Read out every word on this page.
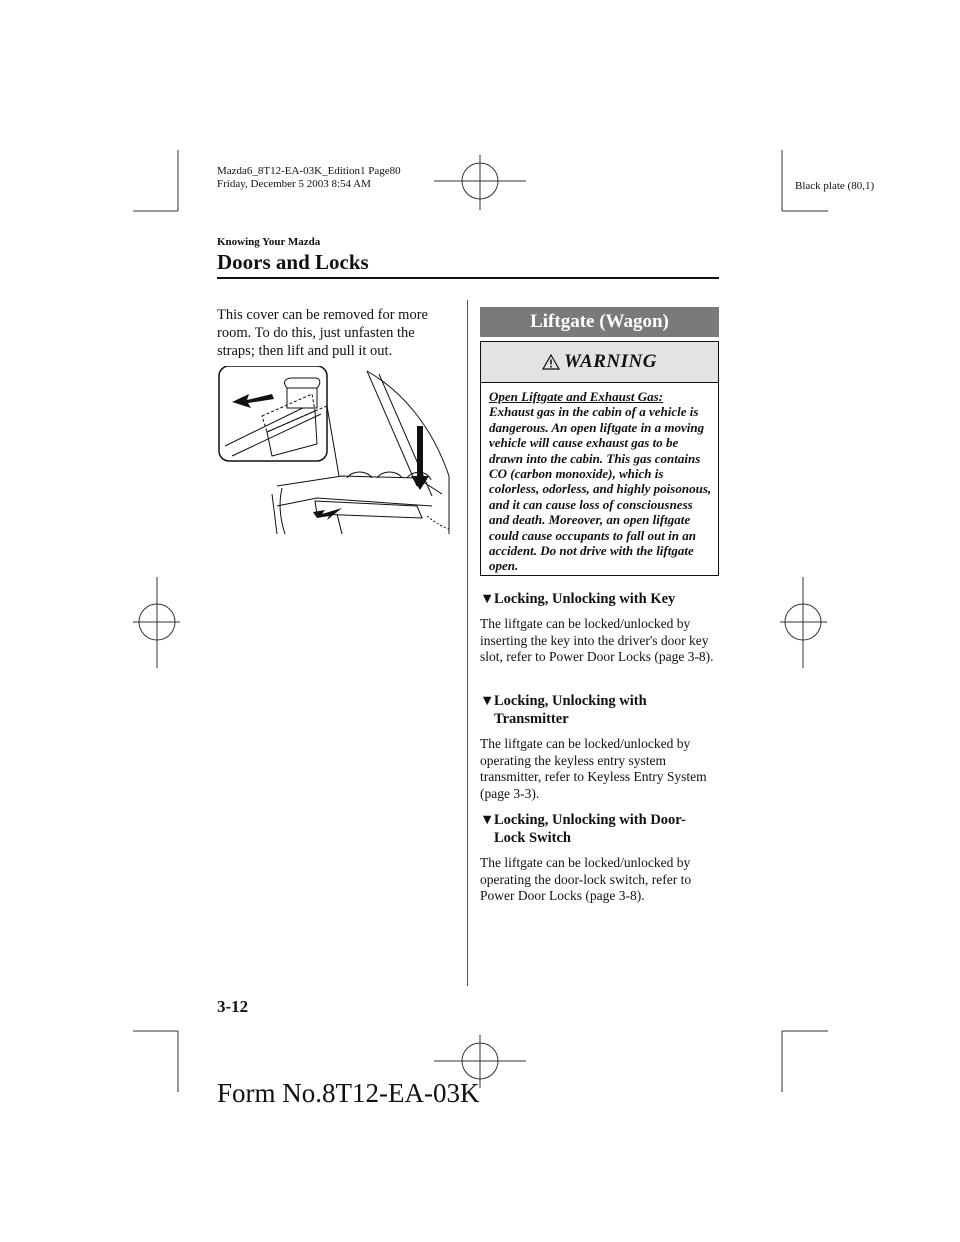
Mazda6_8T12-EA-03K_Edition1 Page80
Friday, December 5 2003 8:54 AM	Black plate (80,1)
Knowing Your Mazda
Doors and Locks
This cover can be removed for more room. To do this, just unfasten the straps; then lift and pull it out.
Liftgate (Wagon)
WARNING
Open Liftgate and Exhaust Gas:
Exhaust gas in the cabin of a vehicle is dangerous. An open liftgate in a moving vehicle will cause exhaust gas to be drawn into the cabin. This gas contains CO (carbon monoxide), which is colorless, odorless, and highly poisonous, and it can cause loss of consciousness and death. Moreover, an open liftgate could cause occupants to fall out in an accident. Do not drive with the liftgate open.
▼Locking, Unlocking with Key
The liftgate can be locked/unlocked by inserting the key into the driver's door key slot, refer to Power Door Locks (page 3-8).
▼Locking, Unlocking with
Transmitter
The liftgate can be locked/unlocked by operating the keyless entry system transmitter, refer to Keyless Entry System (page 3-3).
▼Locking, Unlocking with Door-
Lock Switch
The liftgate can be locked/unlocked by operating the door-lock switch, refer to Power Door Locks (page 3-8).
3-12
Form No.8T12-EA-03K
